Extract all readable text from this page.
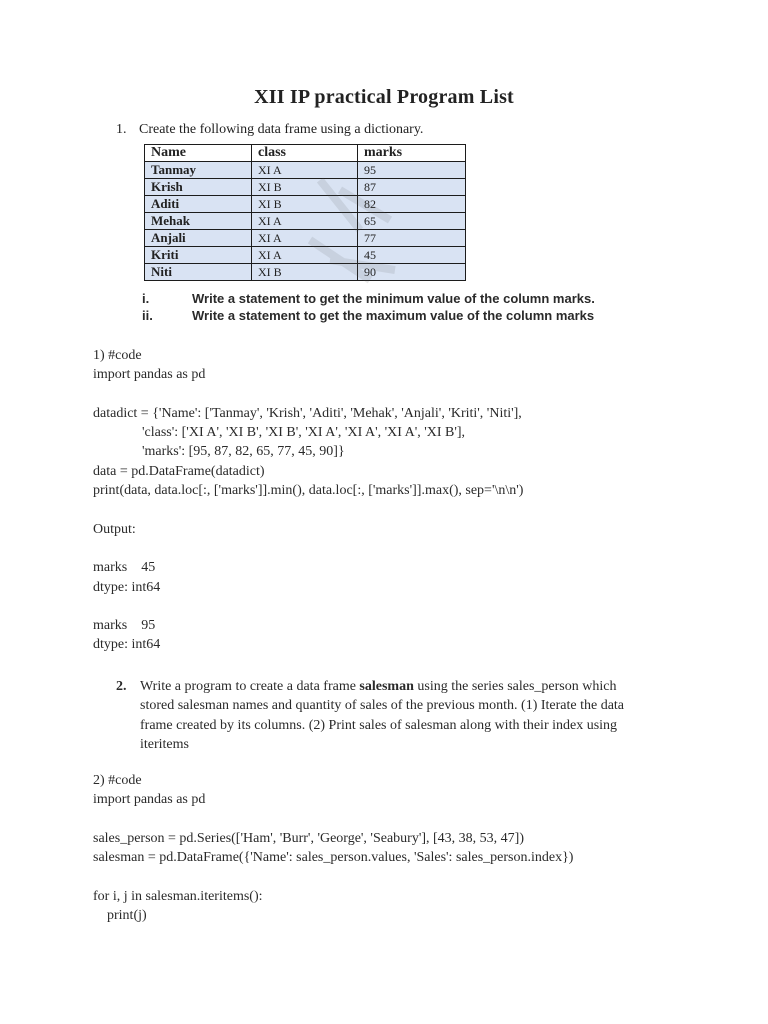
XII IP practical Program List
1. Create the following data frame using a dictionary.
Name	class	marks
Tanmay	XI A	95
Krish	XI B	87
Aditi	XI B	82
Mehak	XI A	65
Anjali	XI A	77
Kriti	XI A	45
Niti	XI B	90
i.	Write a statement to get the minimum value of the column marks.
ii.	Write a statement to get the maximum value of the column marks
1) #code
import pandas as pd
datadict = {'Name': ['Tanmay', 'Krish', 'Aditi', 'Mehak', 'Anjali', 'Kriti', 'Niti'],
'class': ['XI A', 'XI B', 'XI B', 'XI A', 'XI A', 'XI A', 'XI B'],
'marks': [95, 87, 82, 65, 77, 45, 90]}
data = pd.DataFrame(datadict)
print(data, data.loc[:, ['marks']].min(), data.loc[:, ['marks']].max(), sep='\n\n')
Output:
marks    45
dtype: int64
marks    95
dtype: int64
2. Write a program to create a data frame salesman using the series sales_person which
stored salesman names and quantity of sales of the previous month. (1) Iterate the data
frame created by its columns. (2) Print sales of salesman along with their index using
iteritems
2) #code
import pandas as pd
sales_person = pd.Series(['Ham', 'Burr', 'George', 'Seabury'], [43, 38, 53, 47])
salesman = pd.DataFrame({'Name': sales_person.values, 'Sales': sales_person.index})
for i, j in salesman.iteritems():
print(j)
